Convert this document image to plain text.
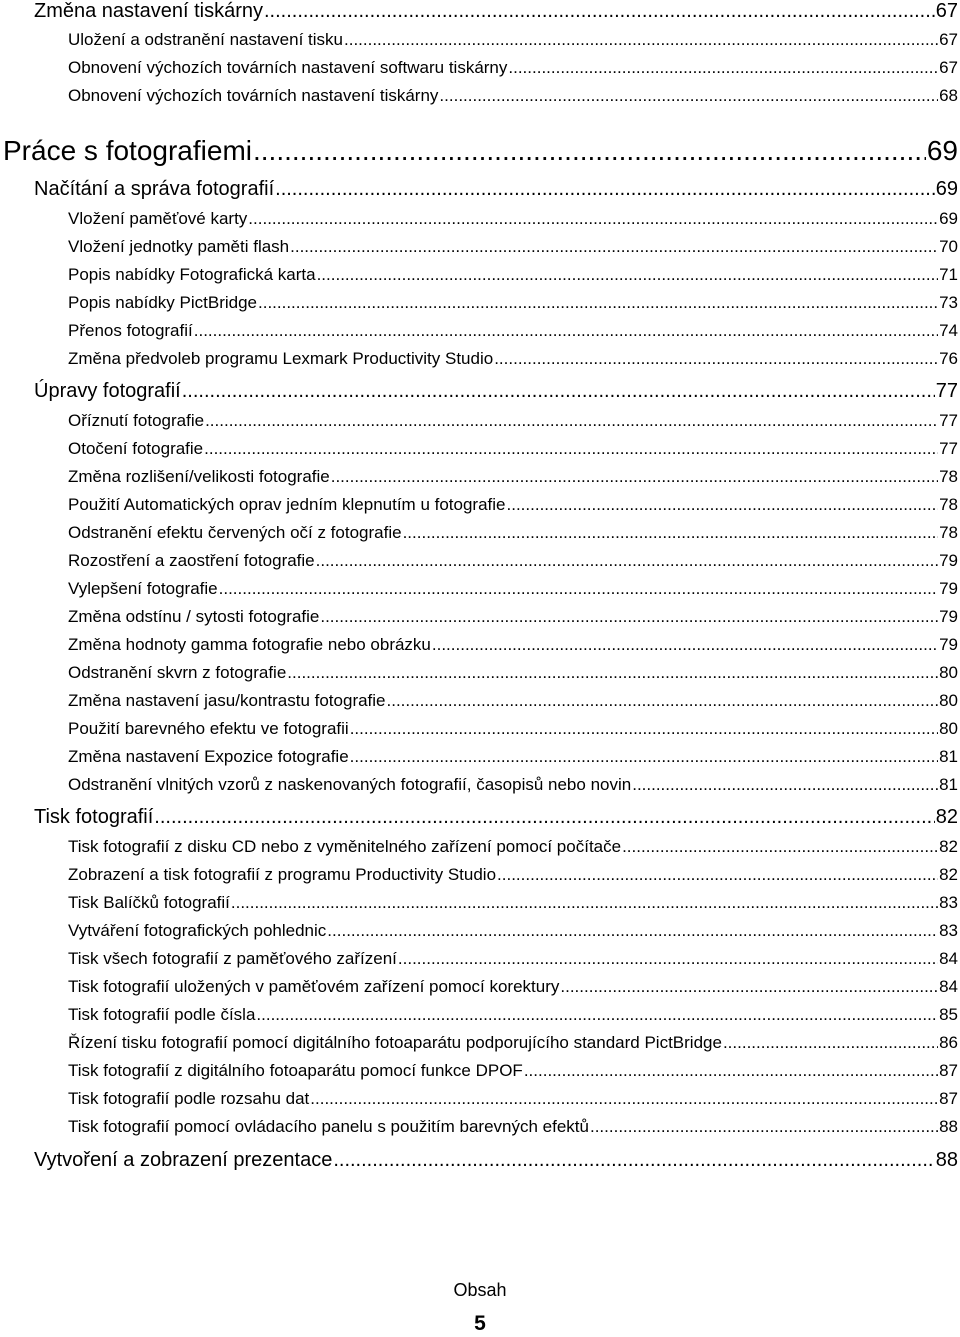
Změna nastavení tiskárny .....	67
Uložení a odstranění nastavení tisku .....	67
Obnovení výchozích továrních nastavení softwaru tiskárny .....	67
Obnovení výchozích továrních nastavení tiskárny .....	68
Práce s fotografiemi .....	69
Načítání a správa fotografií .....	69
Vložení paměťové karty .....	69
Vložení jednotky paměti flash .....	70
Popis nabídky Fotografická karta .....	71
Popis nabídky PictBridge .....	73
Přenos fotografií .....	74
Změna předvoleb programu Lexmark Productivity Studio .....	76
Úpravy fotografií .....	77
Oříznutí fotografie .....	77
Otočení fotografie .....	77
Změna rozlišení/velikosti fotografie .....	78
Použití Automatických oprav jedním klepnutím u fotografie .....	78
Odstranění efektu červených očí z fotografie .....	78
Rozostření a zaostření fotografie .....	79
Vylepšení fotografie .....	79
Změna odstínu / sytosti fotografie .....	79
Změna hodnoty gamma fotografie nebo obrázku .....	79
Odstranění skvrn z fotografie .....	80
Změna nastavení jasu/kontrastu fotografie .....	80
Použití barevného efektu ve fotografii .....	80
Změna nastavení Expozice fotografie .....	81
Odstranění vlnitých vzorů z naskenovaných fotografií, časopisů nebo novin .....	81
Tisk fotografií .....	82
Tisk fotografií z disku CD nebo z vyměnitelného zařízení pomocí počítače .....	82
Zobrazení a tisk fotografií z programu Productivity Studio .....	82
Tisk Balíčků fotografií .....	83
Vytváření fotografických pohlednic .....	83
Tisk všech fotografií z paměťového zařízení .....	84
Tisk fotografií uložených v paměťovém zařízení pomocí korektury .....	84
Tisk fotografií podle čísla .....	85
Řízení tisku fotografií pomocí digitálního fotoaparátu podporujícího standard PictBridge .....	86
Tisk fotografií z digitálního fotoaparátu pomocí funkce DPOF .....	87
Tisk fotografií podle rozsahu dat .....	87
Tisk fotografií pomocí ovládacího panelu s použitím barevných efektů .....	88
Vytvoření a zobrazení prezentace .....	88
Obsah
5
